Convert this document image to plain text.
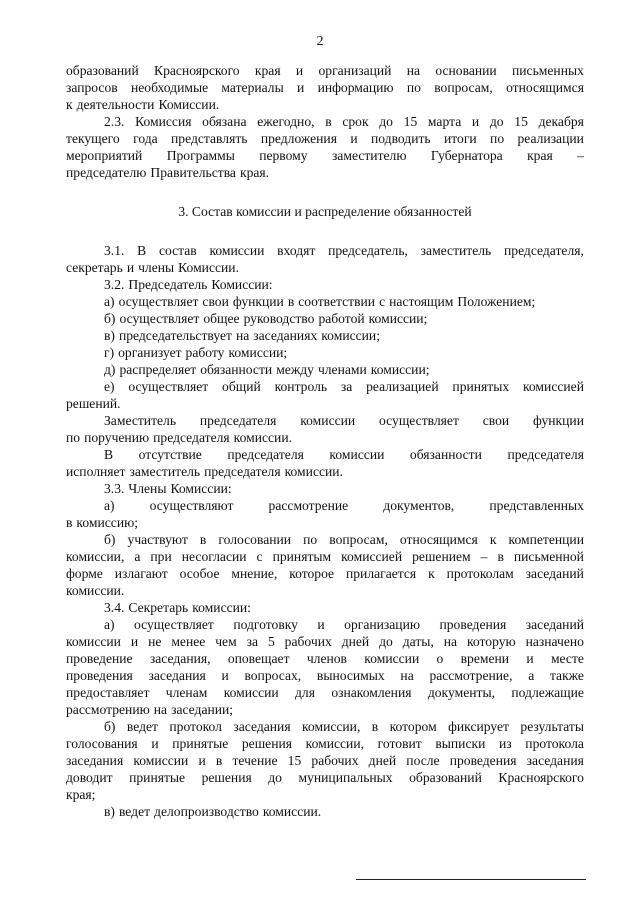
2
образований Красноярского края и организаций на основании письменных
запросов необходимые материалы и информацию по вопросам, относящимся
к деятельности Комиссии.
2.3. Комиссия обязана ежегодно, в срок до 15 марта и до 15 декабря
текущего года представлять предложения и подводить итоги по реализации
мероприятий Программы первому заместителю Губернатора края –
председателю Правительства края.
3. Состав комиссии и распределение обязанностей
3.1. В состав комиссии входят председатель, заместитель председателя,
секретарь и члены Комиссии.
3.2. Председатель Комиссии:
а) осуществляет свои функции в соответствии с настоящим Положением;
б) осуществляет общее руководство работой комиссии;
в) председательствует на заседаниях комиссии;
г) организует работу комиссии;
д) распределяет обязанности между членами комиссии;
е) осуществляет общий контроль за реализацией принятых комиссией
решений.
Заместитель председателя комиссии осуществляет свои функции
по поручению председателя комиссии.
В отсутствие председателя комиссии обязанности председателя
исполняет заместитель председателя комиссии.
3.3. Члены Комиссии:
а)	осуществляют	рассмотрение	документов,	представленных
в комиссию;
б) участвуют в голосовании по вопросам, относящимся к компетенции
комиссии, а при несогласии с принятым комиссией решением – в письменной
форме излагают особое мнение, которое прилагается к протоколам заседаний
комиссии.
3.4. Секретарь комиссии:
а) осуществляет подготовку и организацию проведения заседаний
комиссии и не менее чем за 5 рабочих дней до даты, на которую назначено
проведение заседания, оповещает членов комиссии о времени и месте
проведения заседания и вопросах, выносимых на рассмотрение, а также
предоставляет членам комиссии для ознакомления документы, подлежащие
рассмотрению на заседании;
б) ведет протокол заседания комиссии, в котором фиксирует результаты
голосования и принятые решения комиссии, готовит выписки из протокола
заседания комиссии и в течение 15 рабочих дней после проведения заседания
доводит принятые решения до муниципальных образований Красноярского
края;
в) ведет делопроизводство комиссии.
